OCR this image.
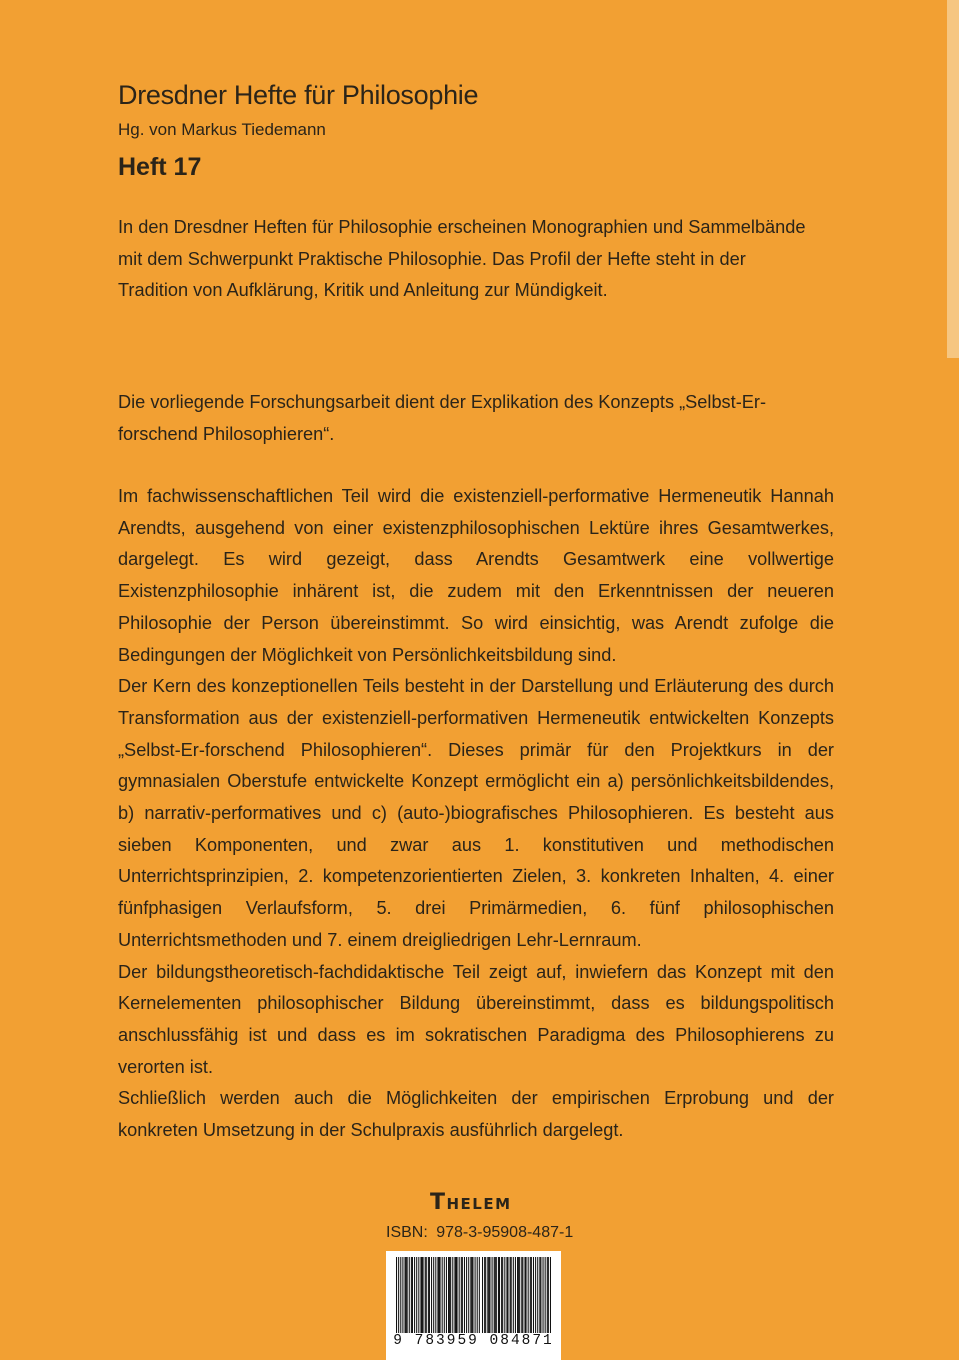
Dresdner Hefte für Philosophie
Hg. von Markus Tiedemann
Heft 17

In den Dresdner Heften für Philosophie erscheinen Monographien und Sammelbände mit dem Schwerpunkt Praktische Philosophie. Das Profil der Hefte steht in der Tradition von Aufklärung, Kritik und Anleitung zur Mündigkeit.

Die vorliegende Forschungsarbeit dient der Explikation des Konzepts „Selbst-Er-forschend Philosophieren“.

Im fachwissenschaftlichen Teil wird die existenziell-performative Hermeneutik Hannah Arendts, ausgehend von einer existenzphilosophischen Lektüre ihres Gesamtwerkes, dargelegt. Es wird gezeigt, dass Arendts Gesamtwerk eine vollwertige Existenzphilosophie inhärent ist, die zudem mit den Erkenntnissen der neueren Philosophie der Person übereinstimmt. So wird einsichtig, was Arendt zufolge die Bedingungen der Möglichkeit von Persönlichkeitsbildung sind.

Der Kern des konzeptionellen Teils besteht in der Darstellung und Erläuterung des durch Transformation aus der existenziell-performativen Hermeneutik entwickelten Konzepts „Selbst-Er-forschend Philosophieren“. Dieses primär für den Projektkurs in der gymnasialen Oberstufe entwickelte Konzept ermöglicht ein a) persönlichkeitsbildendes, b) narrativ-performatives und c) (auto-)biografisches Philosophieren. Es besteht aus sieben Komponenten, und zwar aus 1. konstitutiven und methodischen Unterrichtsprinzipien, 2. kompetenzorientierten Zielen, 3. konkreten Inhalten, 4. einer fünfphasigen Verlaufsform, 5. drei Primärmedien, 6. fünf philosophischen Unterrichtsmethoden und 7. einem dreigliedrigen Lehr-Lernraum.

Der bildungstheoretisch-fachdidaktische Teil zeigt auf, inwiefern das Konzept mit den Kernelementen philosophischer Bildung übereinstimmt, dass es bildungspolitisch anschlussfähig ist und dass es im sokratischen Paradigma des Philosophierens zu verorten ist.

Schließlich werden auch die Möglichkeiten der empirischen Erprobung und der konkreten Umsetzung in der Schulpraxis ausführlich dargelegt.

Thelem
ISBN: 978-3-95908-487-1
9 783959 084871
